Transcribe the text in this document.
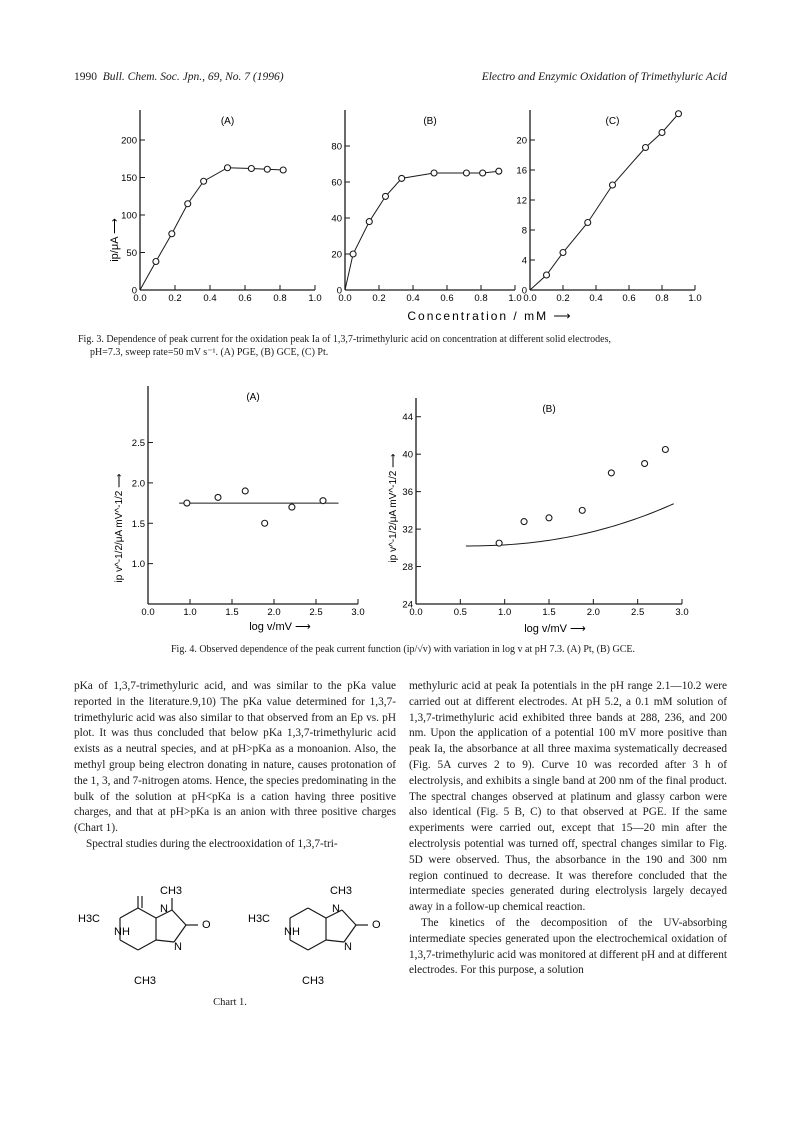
1990 Bull. Chem. Soc. Jpn., 69, No. 7 (1996)	Electro and Enzymic Oxidation of Trimethyluric Acid
(A)
0.0 0.2 0.4 0.6 0.8 1.0
0
50
100
150
200
(B)
0.0 0.2 0.4 0.6 0.8 1.0
0
20
40
60
80
(C)
0.0 0.2 0.4 0.6 0.8 1.0
0
4
8
12
16
20
ip/μA ⟶
Concentration / mM ⟶
Fig. 3. Dependence of peak current for the oxidation peak Ia of 1,3,7-trimethyluric acid on concentration at different solid electrodes,
pH=7.3, sweep rate=50 mV s⁻¹. (A) PGE, (B) GCE, (C) Pt.
(A)
0.0	1.0	1.5	2.0	2.5	3.0
1.0
1.5
2.0
2.5
(B)
0.0	0.5	1.0	1.5	2.0	2.5	3.0
24
28
32
36
40
44
ip v^-1/2/μA mV^-1/2 ⟶	ip v^-1/2/μA mV^-1/2 ⟶
log v/mV ⟶	log v/mV ⟶
Fig. 4. Observed dependence of the peak current function (ip/√v) with variation in log v at pH 7.3. (A) Pt, (B) GCE.

pKa of 1,3,7-trimethyluric acid, and was similar to the pKa value reported in the literature.9,10) The pKa value determined for 1,3,7-trimethyluric acid was also similar to that observed from an Ep vs. pH plot. It was thus concluded that below pKa 1,3,7-trimethyluric acid exists as a neutral species, and at pH>pKa as a monoanion. Also, the methyl group being electron donating in nature, causes protonation of the 1, 3, and 7-nitrogen atoms. Hence, the species predominating in the bulk of the solution at pH<pKa is a cation having three positive charges, and that at pH>pKa is an anion with three positive charges (Chart 1).

Spectral studies during the electrooxidation of 1,3,7-tri-

CH3
H3C
NH
N
N
O
CH3
CH3
H3C
NH
N
N
O
CH3
Chart 1.

methyluric acid at peak Ia potentials in the pH range 2.1—10.2 were carried out at different electrodes. At pH 5.2, a 0.1 mM solution of 1,3,7-trimethyluric acid exhibited three bands at 288, 236, and 200 nm. Upon the application of a potential 100 mV more positive than peak Ia, the absorbance at all three maxima systematically decreased (Fig. 5A curves 2 to 9). Curve 10 was recorded after 3 h of electrolysis, and exhibits a single band at 200 nm of the final product. The spectral changes observed at platinum and glassy carbon were also identical (Fig. 5 B, C) to that observed at PGE. If the same experiments were carried out, except that 15—20 min after the electrolysis potential was turned off, spectral changes similar to Fig. 5D were observed. Thus, the absorbance in the 190 and 300 nm region continued to decrease. It was therefore concluded that the intermediate species generated during electrolysis largely decayed away in a follow-up chemical reaction.

The kinetics of the decomposition of the UV-absorbing intermediate species generated upon the electrochemical oxidation of 1,3,7-trimethyluric acid was monitored at different pH and at different electrodes. For this purpose, a solution
